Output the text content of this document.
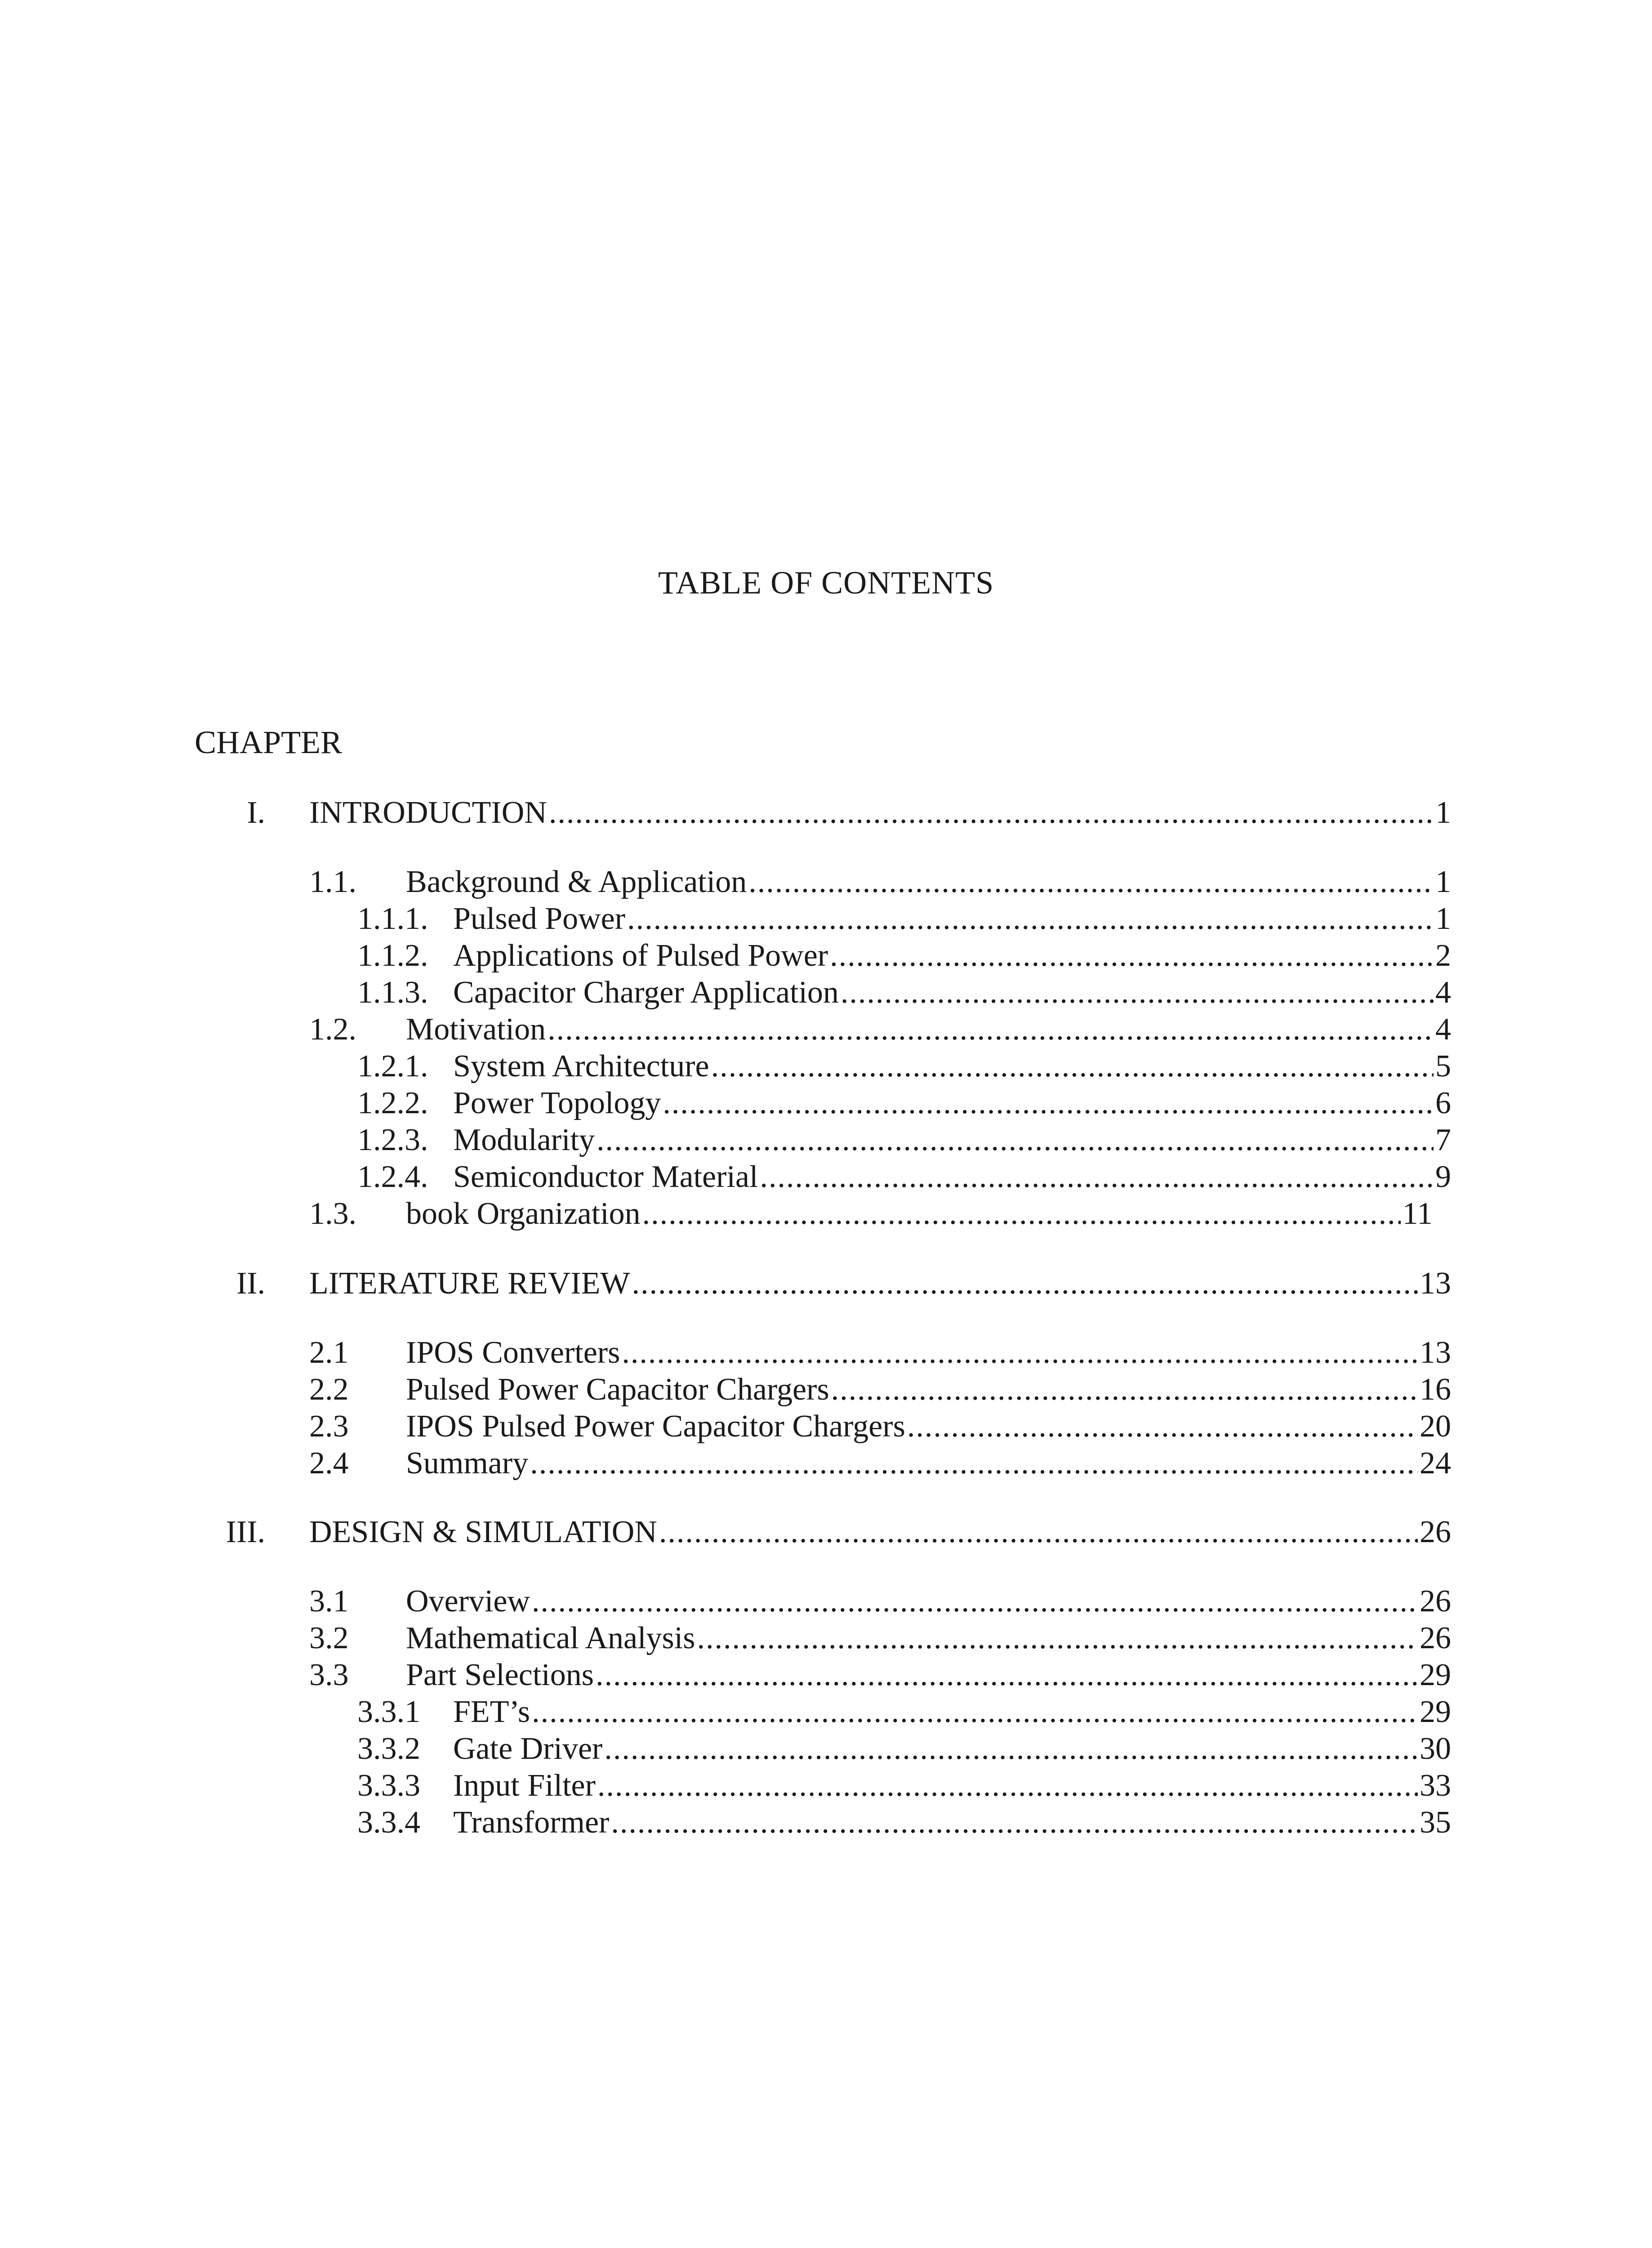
TABLE OF CONTENTS
CHAPTER
I. INTRODUCTION .....	1
1.1. Background & Application .....	1
1.1.1. Pulsed Power .....	1
1.1.2. Applications of Pulsed Power .....	2
1.1.3. Capacitor Charger Application .....	4
1.2. Motivation .....	4
1.2.1. System Architecture .....	5
1.2.2. Power Topology .....	6
1.2.3. Modularity .....	7
1.2.4. Semiconductor Material .....	9
1.3. book Organization .....	11
II. LITERATURE REVIEW .....	13
2.1 IPOS Converters .....	13
2.2 Pulsed Power Capacitor Chargers .....	16
2.3 IPOS Pulsed Power Capacitor Chargers .....	20
2.4 Summary .....	24
III. DESIGN & SIMULATION .....	26
3.1 Overview .....	26
3.2 Mathematical Analysis .....	26
3.3 Part Selections .....	29
3.3.1 FET’s .....	29
3.3.2 Gate Driver .....	30
3.3.3 Input Filter .....	33
3.3.4 Transformer .....	35
